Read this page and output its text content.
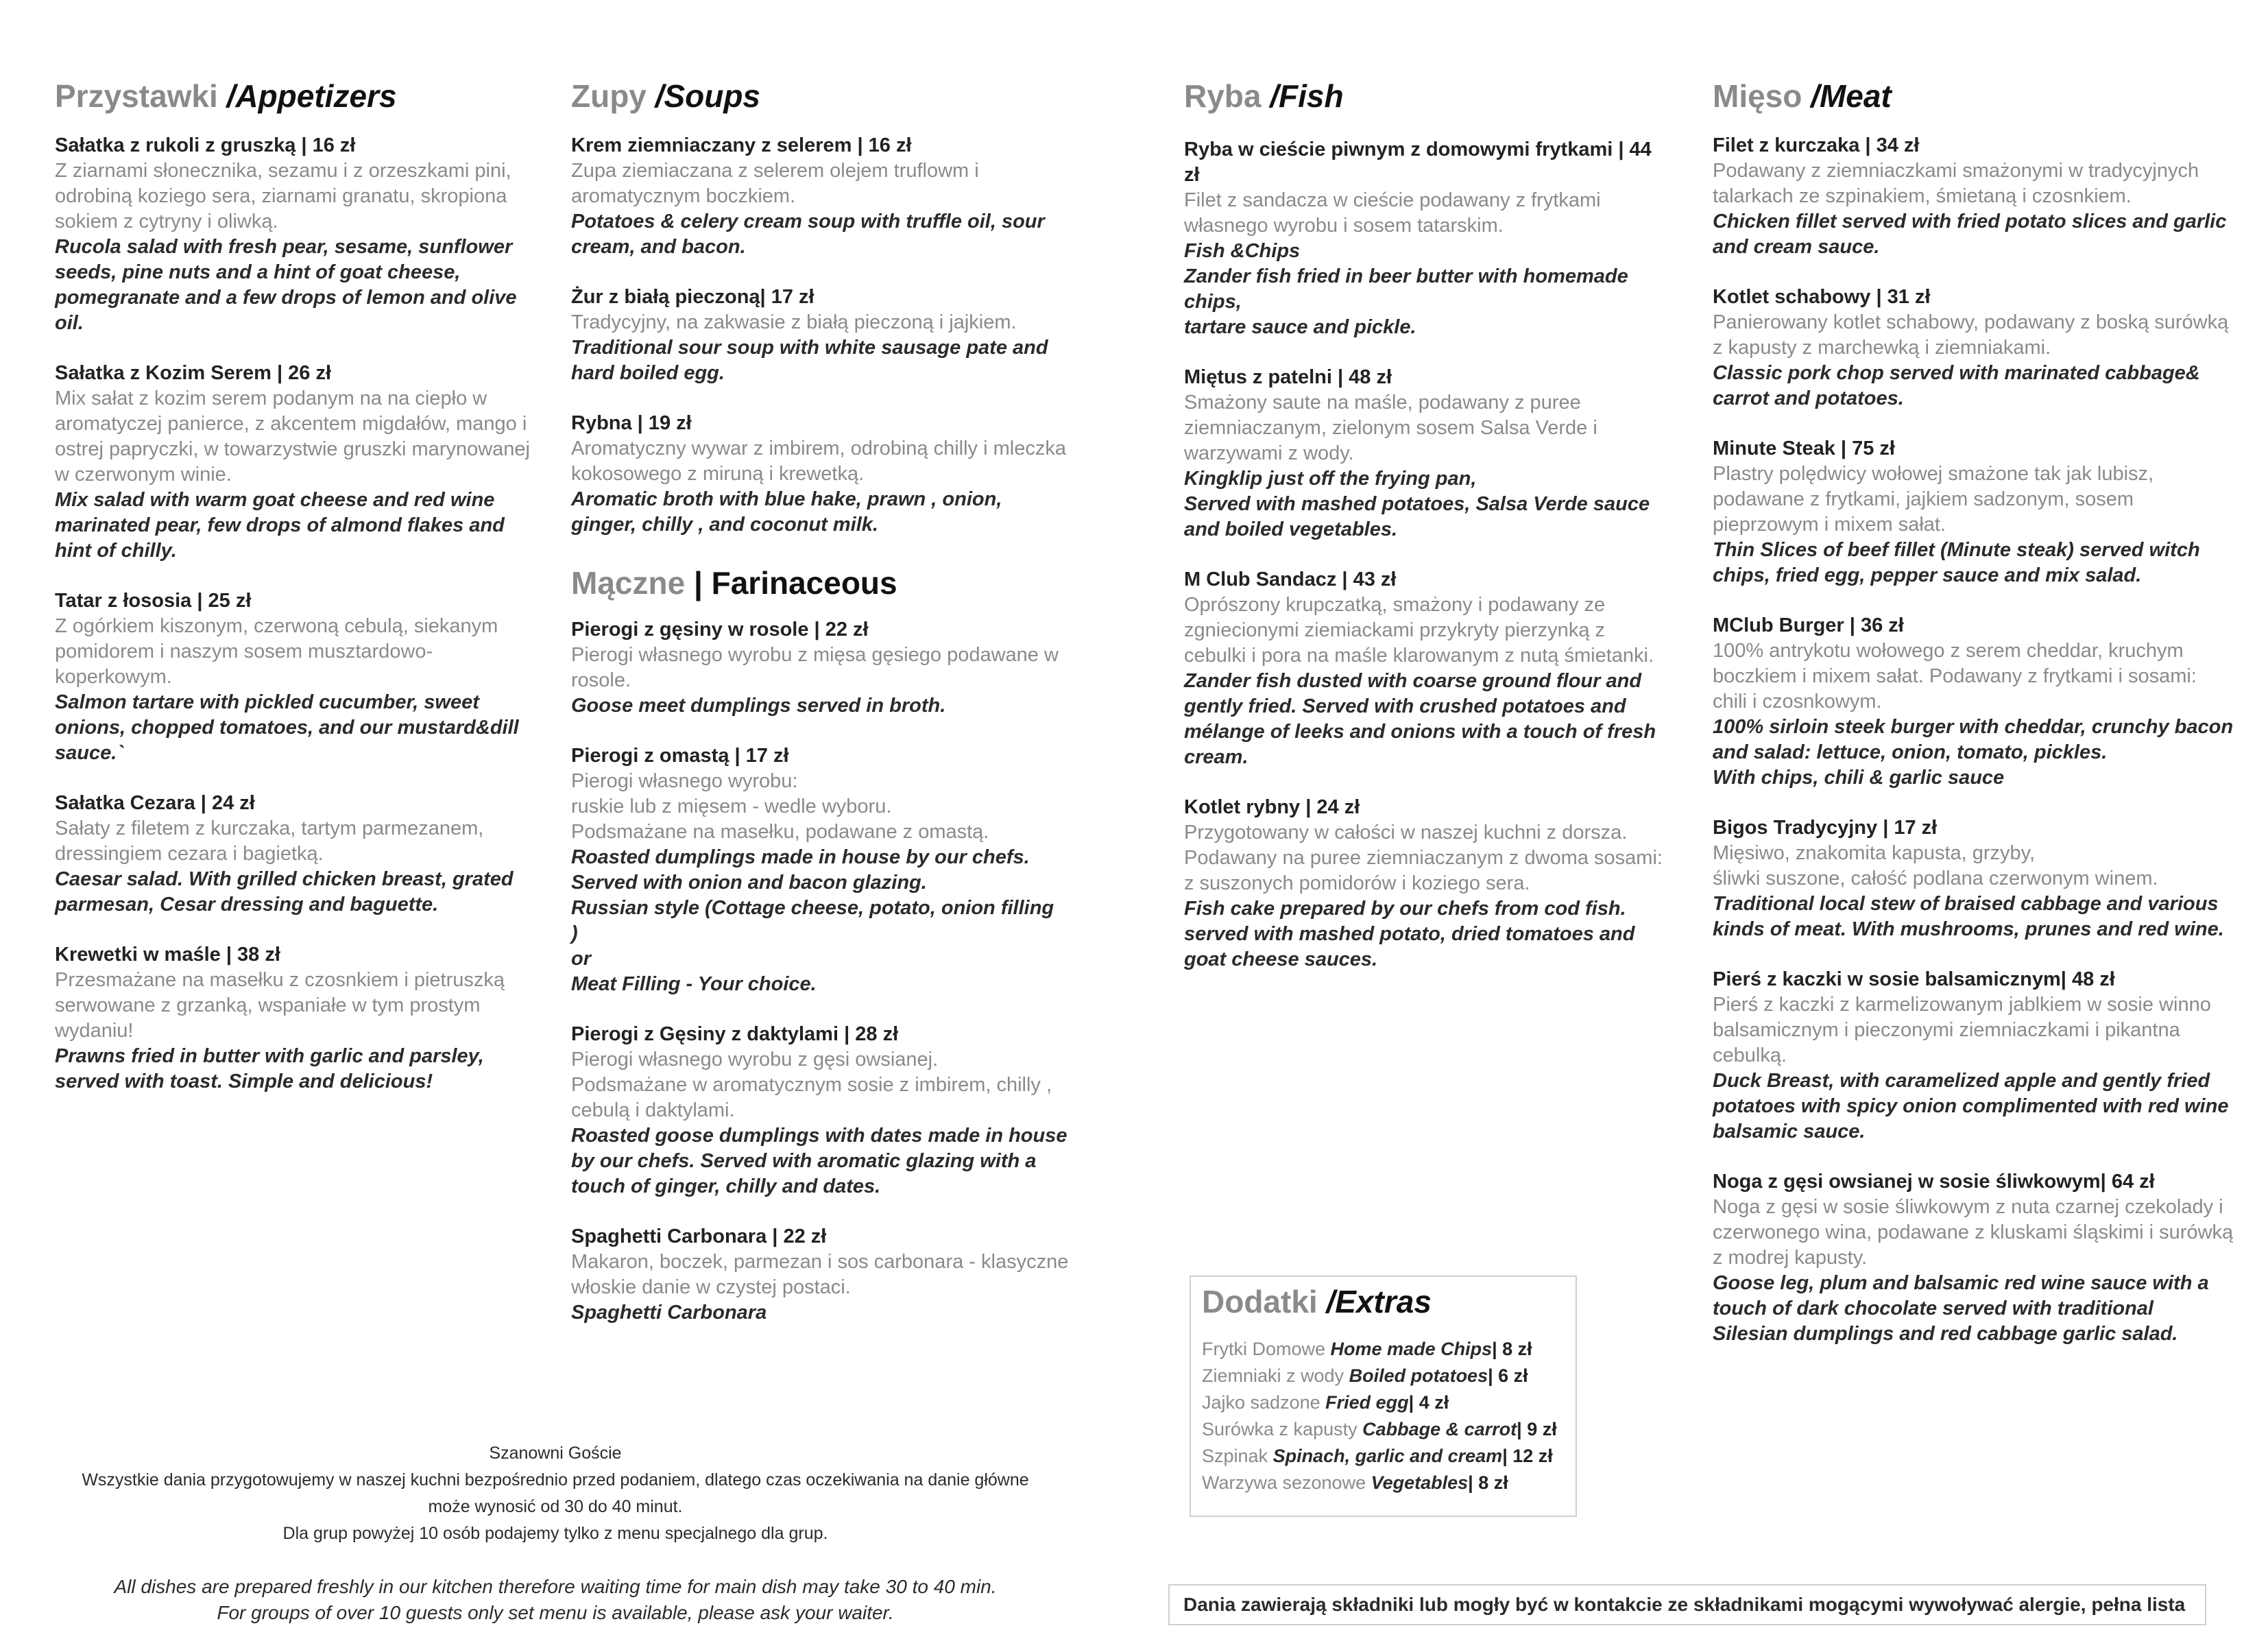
Przystawki /Appetizers
Sałatka z rukoli z gruszką | 16 zł
Z ziarnami słonecznika, sezamu i z orzeszkami pini, odrobiną koziego sera, ziarnami granatu, skropiona sokiem z cytryny i oliwką.
Rucola salad with fresh pear, sesame, sunflower seeds, pine nuts and a hint of goat cheese, pomegranate and a few drops of lemon and olive oil.
Sałatka z Kozim Serem | 26 zł
Mix sałat z kozim serem podanym na na ciepło w aromatyczej panierce, z akcentem migdałów, mango i ostrej papryczki, w towarzystwie gruszki marynowanej w czerwonym winie.
Mix salad with warm goat cheese and red wine marinated pear, few drops of almond flakes and hint of chilly.
Tatar z łososia | 25 zł
Z ogórkiem kiszonym, czerwoną cebulą, siekanym pomidorem i naszym sosem musztardowo-koperkowym.
Salmon tartare with pickled cucumber, sweet onions, chopped tomatoes, and our mustard&dill sauce.`
Sałatka Cezara | 24 zł
Sałaty z filetem z kurczaka, tartym parmezanem, dressingiem cezara i bagietką.
Caesar salad. With grilled chicken breast, grated parmesan, Cesar dressing and baguette.
Krewetki w maśle | 38 zł
Przesmażane na masełku z czosnkiem i pietruszką serwowane z grzanką, wspaniałe w tym prostym wydaniu!
Prawns fried in butter with garlic and parsley, served with toast. Simple and delicious!
Zupy /Soups
Krem ziemniaczany z selerem | 16 zł
Zupa ziemiaczana z selerem olejem truflowm i aromatycznym boczkiem.
Potatoes & celery cream soup with truffle oil, sour cream, and bacon.
Żur z białą pieczoną| 17 zł
Tradycyjny, na zakwasie z białą pieczoną i jajkiem.
Traditional sour soup with white sausage pate and hard boiled egg.
Rybna | 19 zł
Aromatyczny wywar z imbirem, odrobiną chilly i mleczka kokosowego z miruną i krewetką.
Aromatic broth with blue hake, prawn , onion, ginger, chilly , and coconut milk.
Mączne | Farinaceous
Pierogi z gęsiny w rosole | 22 zł
Pierogi własnego wyrobu z mięsa gęsiego podawane w rosole.
Goose meet dumplings served in broth.
Pierogi z omastą | 17 zł
Pierogi własnego wyrobu:
ruskie lub z mięsem - wedle wyboru.
Podsmażane na masełku, podawane z omastą.
Roasted dumplings made in house by our chefs.
Served with onion and bacon glazing.
Russian style (Cottage cheese, potato, onion filling
)
or
Meat Filling - Your choice.
Pierogi z Gęsiny z daktylami | 28 zł
Pierogi własnego wyrobu z gęsi owsianej.
Podsmażane w aromatycznym sosie z imbirem, chilly , cebulą i daktylami.
Roasted goose dumplings with dates made in house by our chefs. Served with aromatic glazing with a touch of ginger, chilly and dates.
Spaghetti Carbonara | 22 zł
Makaron, boczek, parmezan i sos carbonara - klasyczne włoskie danie w czystej postaci.
Spaghetti Carbonara
Ryba /Fish
Ryba w cieście piwnym z domowymi frytkami | 44 zł
Filet z sandacza w cieście podawany z frytkami własnego wyrobu i sosem tatarskim.
Fish &Chips
Zander fish fried in beer butter with homemade chips,
tartare sauce and pickle.
Miętus z patelni | 48 zł
Smażony saute na maśle, podawany z puree ziemniaczanym, zielonym sosem Salsa Verde i warzywami z wody.
Kingklip just off the frying pan,
Served with mashed potatoes, Salsa Verde sauce and boiled vegetables.
M Club Sandacz | 43 zł
Oprószony krupczatką, smażony i podawany ze zgniecionymi ziemiackami przykryty pierzynką z cebulki i pora na maśle klarowanym z nutą śmietanki.
Zander fish dusted with coarse ground flour and gently fried. Served with crushed potatoes and mélange of leeks and onions with a touch of fresh cream.
Kotlet rybny | 24 zł
Przygotowany w całości w naszej kuchni z dorsza. Podawany na puree ziemniaczanym z dwoma sosami:
z suszonych pomidorów i koziego sera.
Fish cake prepared by our chefs from cod fish.
served with mashed potato, dried tomatoes and goat cheese sauces.
Mięso /Meat
Filet z kurczaka | 34 zł
Podawany z ziemniaczkami smażonymi w tradycyjnych talarkach ze szpinakiem, śmietaną i czosnkiem.
Chicken fillet served with fried potato slices and garlic and cream sauce.
Kotlet schabowy | 31 zł
Panierowany kotlet schabowy, podawany z boską surówką z kapusty z marchewką i ziemniakami.
Classic pork chop served with marinated cabbage& carrot and potatoes.
Minute Steak | 75 zł
Plastry polędwicy wołowej smażone tak jak lubisz, podawane z frytkami, jajkiem sadzonym, sosem pieprzowym i mixem sałat.
Thin Slices of beef fillet (Minute steak) served witch chips, fried egg, pepper sauce and mix salad.
MClub Burger | 36 zł
100% antrykotu wołowego z serem cheddar, kruchym boczkiem i mixem sałat. Podawany z frytkami i sosami: chili i czosnkowym.
100% sirloin steek burger with cheddar, crunchy bacon and salad: lettuce, onion, tomato, pickles.
With chips, chili & garlic sauce
Bigos Tradycyjny | 17 zł
Mięsiwo, znakomita kapusta, grzyby,
śliwki suszone, całość podlana czerwonym winem.
Traditional local stew of braised cabbage and various kinds of meat. With mushrooms, prunes and red wine.
Pierś z kaczki w sosie balsamicznym| 48 zł
Pierś z kaczki z karmelizowanym jablkiem w sosie winno balsamicznym i pieczonymi ziemniaczkami i pikantna cebulką.
Duck Breast, with caramelized apple and gently fried potatoes with spicy onion complimented with red wine balsamic sauce.
Noga z gęsi owsianej w sosie śliwkowym| 64 zł
Noga z gęsi w sosie śliwkowym z nuta czarnej czekolady i czerwonego wina, podawane z kluskami śląskimi i surówką z modrej kapusty.
Goose leg, plum and balsamic red wine sauce with a touch of dark chocolate served with traditional Silesian dumplings and red cabbage garlic salad.
Dodatki /Extras
Frytki Domowe Home made Chips| 8 zł
Ziemniaki z wody Boiled potatoes| 6 zł
Jajko sadzone Fried egg| 4 zł
Surówka z kapusty Cabbage & carrot| 9 zł
Szpinak Spinach, garlic and cream| 12 zł
Warzywa sezonowe Vegetables| 8 zł
Szanowni Goście
Wszystkie dania przygotowujemy w naszej kuchni bezpośrednio przed podaniem, dlatego czas oczekiwania na danie główne
może wynosić od 30 do 40 minut.
Dla grup powyżej 10 osób podajemy tylko z menu specjalnego dla grup.
All dishes are prepared freshly in our kitchen therefore waiting time for main dish may take 30 to 40 min.
For groups of over 10 guests only set menu is available, please ask your waiter.	Dania zawierają składniki lub mogły być w kontakcie ze składnikami mogącymi wywoływać alergie, pełna lista
